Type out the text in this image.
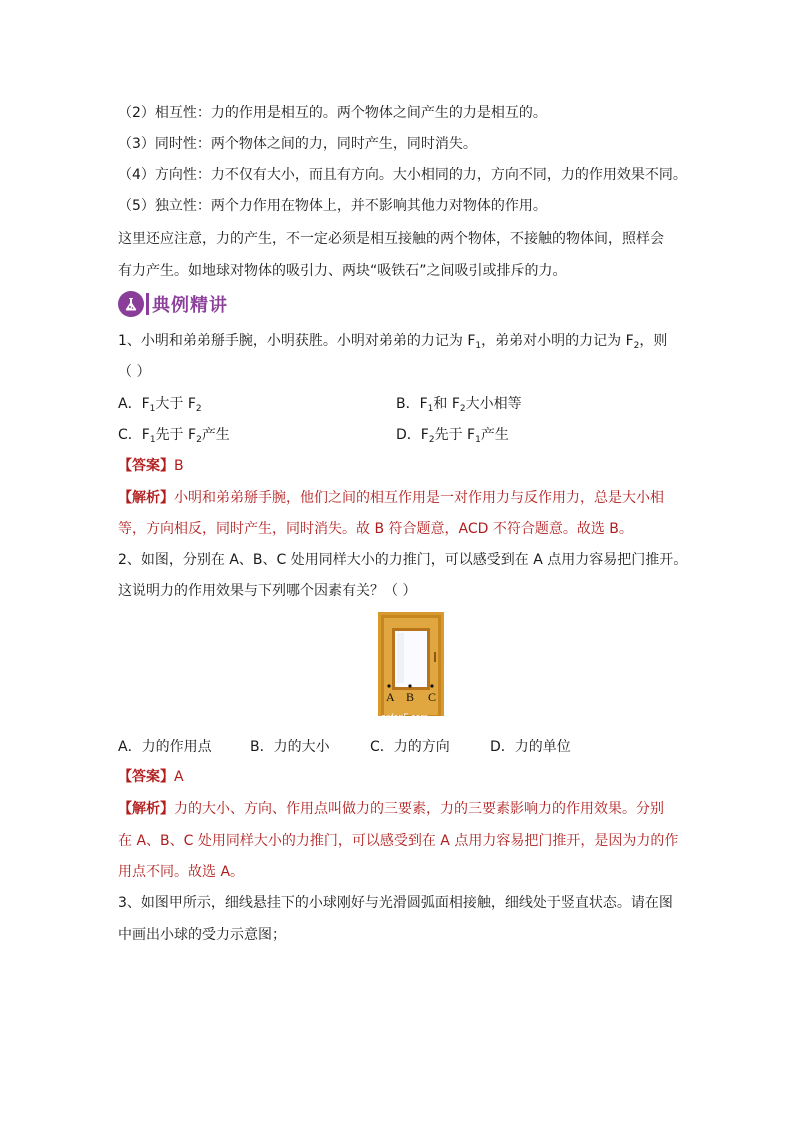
（2）相互性：力的作用是相互的。两个物体之间产生的力是相互的。
（3）同时性：两个物体之间的力，同时产生，同时消失。
（4）方向性：力不仅有大小，而且有方向。大小相同的力，方向不同，力的作用效果不同。
（5）独立性：两个力作用在物体上，并不影响其他力对物体的作用。
这里还应注意，力的产生，不一定必须是相互接触的两个物体，不接触的物体间，照样会
有力产生。如地球对物体的吸引力、两块“吸铁石”之间吸引或排斥的力。
典例精讲
1、小明和弟弟掰手腕，小明获胜。小明对弟弟的力记为 $F_1$，弟弟对小明的力记为 $F_2$，则
（ ）
A．$F_1$大于 $F_2$	B．$F_1$和 $F_2$大小相等
C．$F_1$先于 $F_2$产生	D．$F_2$先于 $F_1$产生
【答案】B
【解析】小明和弟弟掰手腕，他们之间的相互作用是一对作用力与反作用力，总是大小相
等，方向相反，同时产生，同时消失。故 B 符合题意，ACD 不符合题意。故选 B。
2、如图，分别在 A、B、C 处用同样大小的力推门，可以感受到在 A 点用力容易把门推开。
这说明力的作用效果与下列哪个因素有关？（ ）
A B C
anfen5.com
A．力的作用点	B．力的大小	C．力的方向	D．力的单位
【答案】A
【解析】力的大小、方向、作用点叫做力的三要素，力的三要素影响力的作用效果。分别
在 A、B、C 处用同样大小的力推门，可以感受到在 A 点用力容易把门推开，是因为力的作
用点不同。故选 A。
3、如图甲所示，细线悬挂下的小球刚好与光滑圆弧面相接触，细线处于竖直状态。请在图
中画出小球的受力示意图；
